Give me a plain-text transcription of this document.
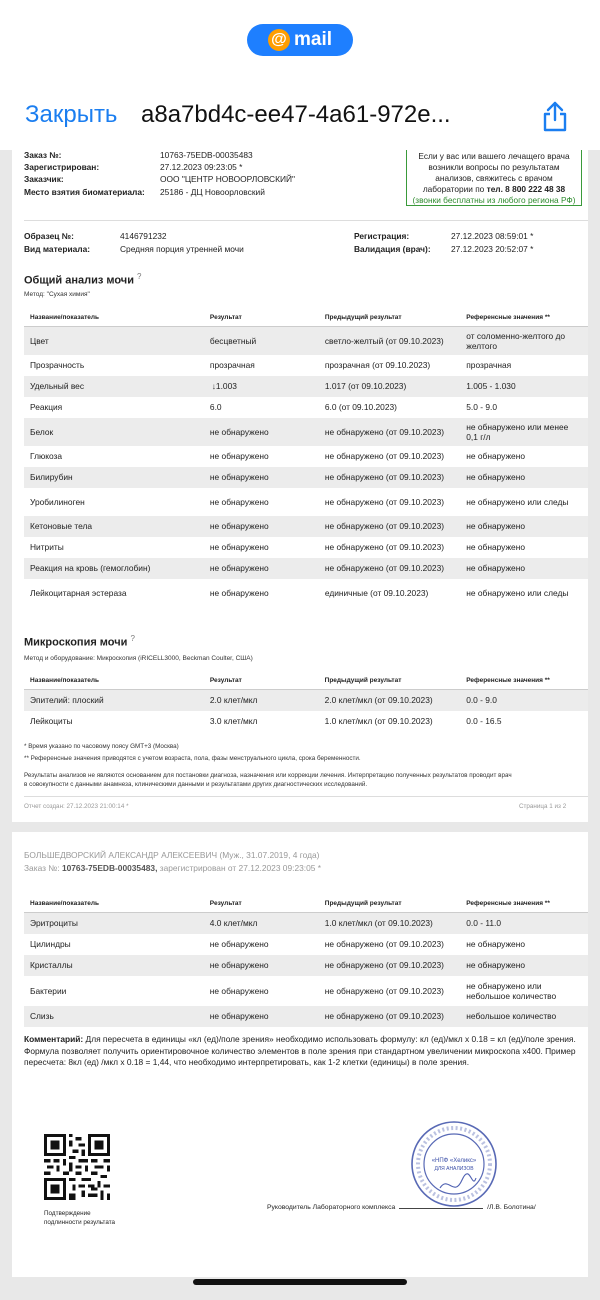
@ mail
Закрыть a8a7bd4c-ee47-4a61-972e...
Заказ №:	10763-75EDB-00035483
Зарегистрирован:	27.12.2023 09:23:05 *
Заказчик:	ООО "ЦЕНТР НОВООРЛОВСКИЙ"
Место взятия биоматериала: 25186 - ДЦ Новоорловский
Если у вас или вашего лечащего врача
возникли вопросы по результатам
анализов, свяжитесь с врачом
лаборатории по тел. 8 800 222 48 38
(звонки бесплатны из любого региона РФ)
Образец №:	4146791232
Вид материала:	Средняя порция утренней мочи
Регистрация:	27.12.2023 08:59:01 *
Валидация (врач): 27.12.2023 20:52:07 *
Общий анализ мочи ?
Метод: "Сухая химия"
Название/показатель	Результат	Предыдущий результат	Референсные значения **
Цвет	бесцветный	светло-желтый (от 09.10.2023)	от соломенно-желтого до желтого
Прозрачность	прозрачная	прозрачная (от 09.10.2023)	прозрачная
Удельный вес	↓1.003	1.017 (от 09.10.2023)	1.005 - 1.030
Реакция	6.0	6.0 (от 09.10.2023)	5.0 - 9.0
Белок	не обнаружено	не обнаружено (от 09.10.2023)	не обнаружено или менее 0,1 г/л
Глюкоза	не обнаружено	не обнаружено (от 09.10.2023)	не обнаружено
Билирубин	не обнаружено	не обнаружено (от 09.10.2023)	не обнаружено
Уробилиноген	не обнаружено	не обнаружено (от 09.10.2023)	не обнаружено или следы
Кетоновые тела	не обнаружено	не обнаружено (от 09.10.2023)	не обнаружено
Нитриты	не обнаружено	не обнаружено (от 09.10.2023)	не обнаружено
Реакция на кровь (гемоглобин)	не обнаружено	не обнаружено (от 09.10.2023)	не обнаружено
Лейкоцитарная эстераза	не обнаружено	единичные (от 09.10.2023)	не обнаружено или следы
Микроскопия мочи ?
Метод и оборудование: Микроскопия (iRICELL3000, Beckman Coulter, США)
Название/показатель	Результат	Предыдущий результат	Референсные значения **
Эпителий: плоский	2.0 клет/мкл	2.0 клет/мкл (от 09.10.2023)	0.0 - 9.0
Лейкоциты	3.0 клет/мкл	1.0 клет/мкл (от 09.10.2023)	0.0 - 16.5
* Время указано по часовому поясу GMT+3 (Москва)
** Референсные значения приводятся с учетом возраста, пола, фазы менструального цикла, срока беременности.
Результаты анализов не являются основанием для постановки диагноза, назначения или коррекции лечения. Интерпретацию полученных результатов проводит врач
в совокупности с данными анамнеза, клиническими данными и результатами других диагностических исследований.
Отчет создан: 27.12.2023 21:00:14 *	Страница 1 из 2
БОЛЬШЕДВОРСКИЙ АЛЕКСАНДР АЛЕКСЕЕВИЧ (Муж., 31.07.2019, 4 года)
Заказ №: 10763-75EDB-00035483, зарегистрирован от 27.12.2023 09:23:05 *
Название/показатель	Результат	Предыдущий результат	Референсные значения **
Эритроциты	4.0 клет/мкл	1.0 клет/мкл (от 09.10.2023)	0.0 - 11.0
Цилиндры	не обнаружено	не обнаружено (от 09.10.2023)	не обнаружено
Кристаллы	не обнаружено	не обнаружено (от 09.10.2023)	не обнаружено
Бактерии	не обнаружено	не обнаружено (от 09.10.2023)	не обнаружено или небольшое количество
Слизь	не обнаружено	не обнаружено (от 09.10.2023)	небольшое количество
Комментарий: Для пересчета в единицы «кл (ед)/поле зрения» необходимо использовать формулу: кл (ед)/мкл х 0.18 = кл (ед)/поле зрения. Формула позволяет получить ориентировочное количество элементов в поле зрения при стандартном увеличении микроскопа х400. Пример пересчета: 8кл (ед) /мкл х 0.18 = 1,44, что необходимо интерпретировать, как 1-2 клетки (единицы) в поле зрения.
Подтверждение
подлинности результата
Руководитель Лабораторного комплекса	/Л.В. Болотина/
«НПФ «Хеликс»
ДЛЯ АНАЛИЗОВ
